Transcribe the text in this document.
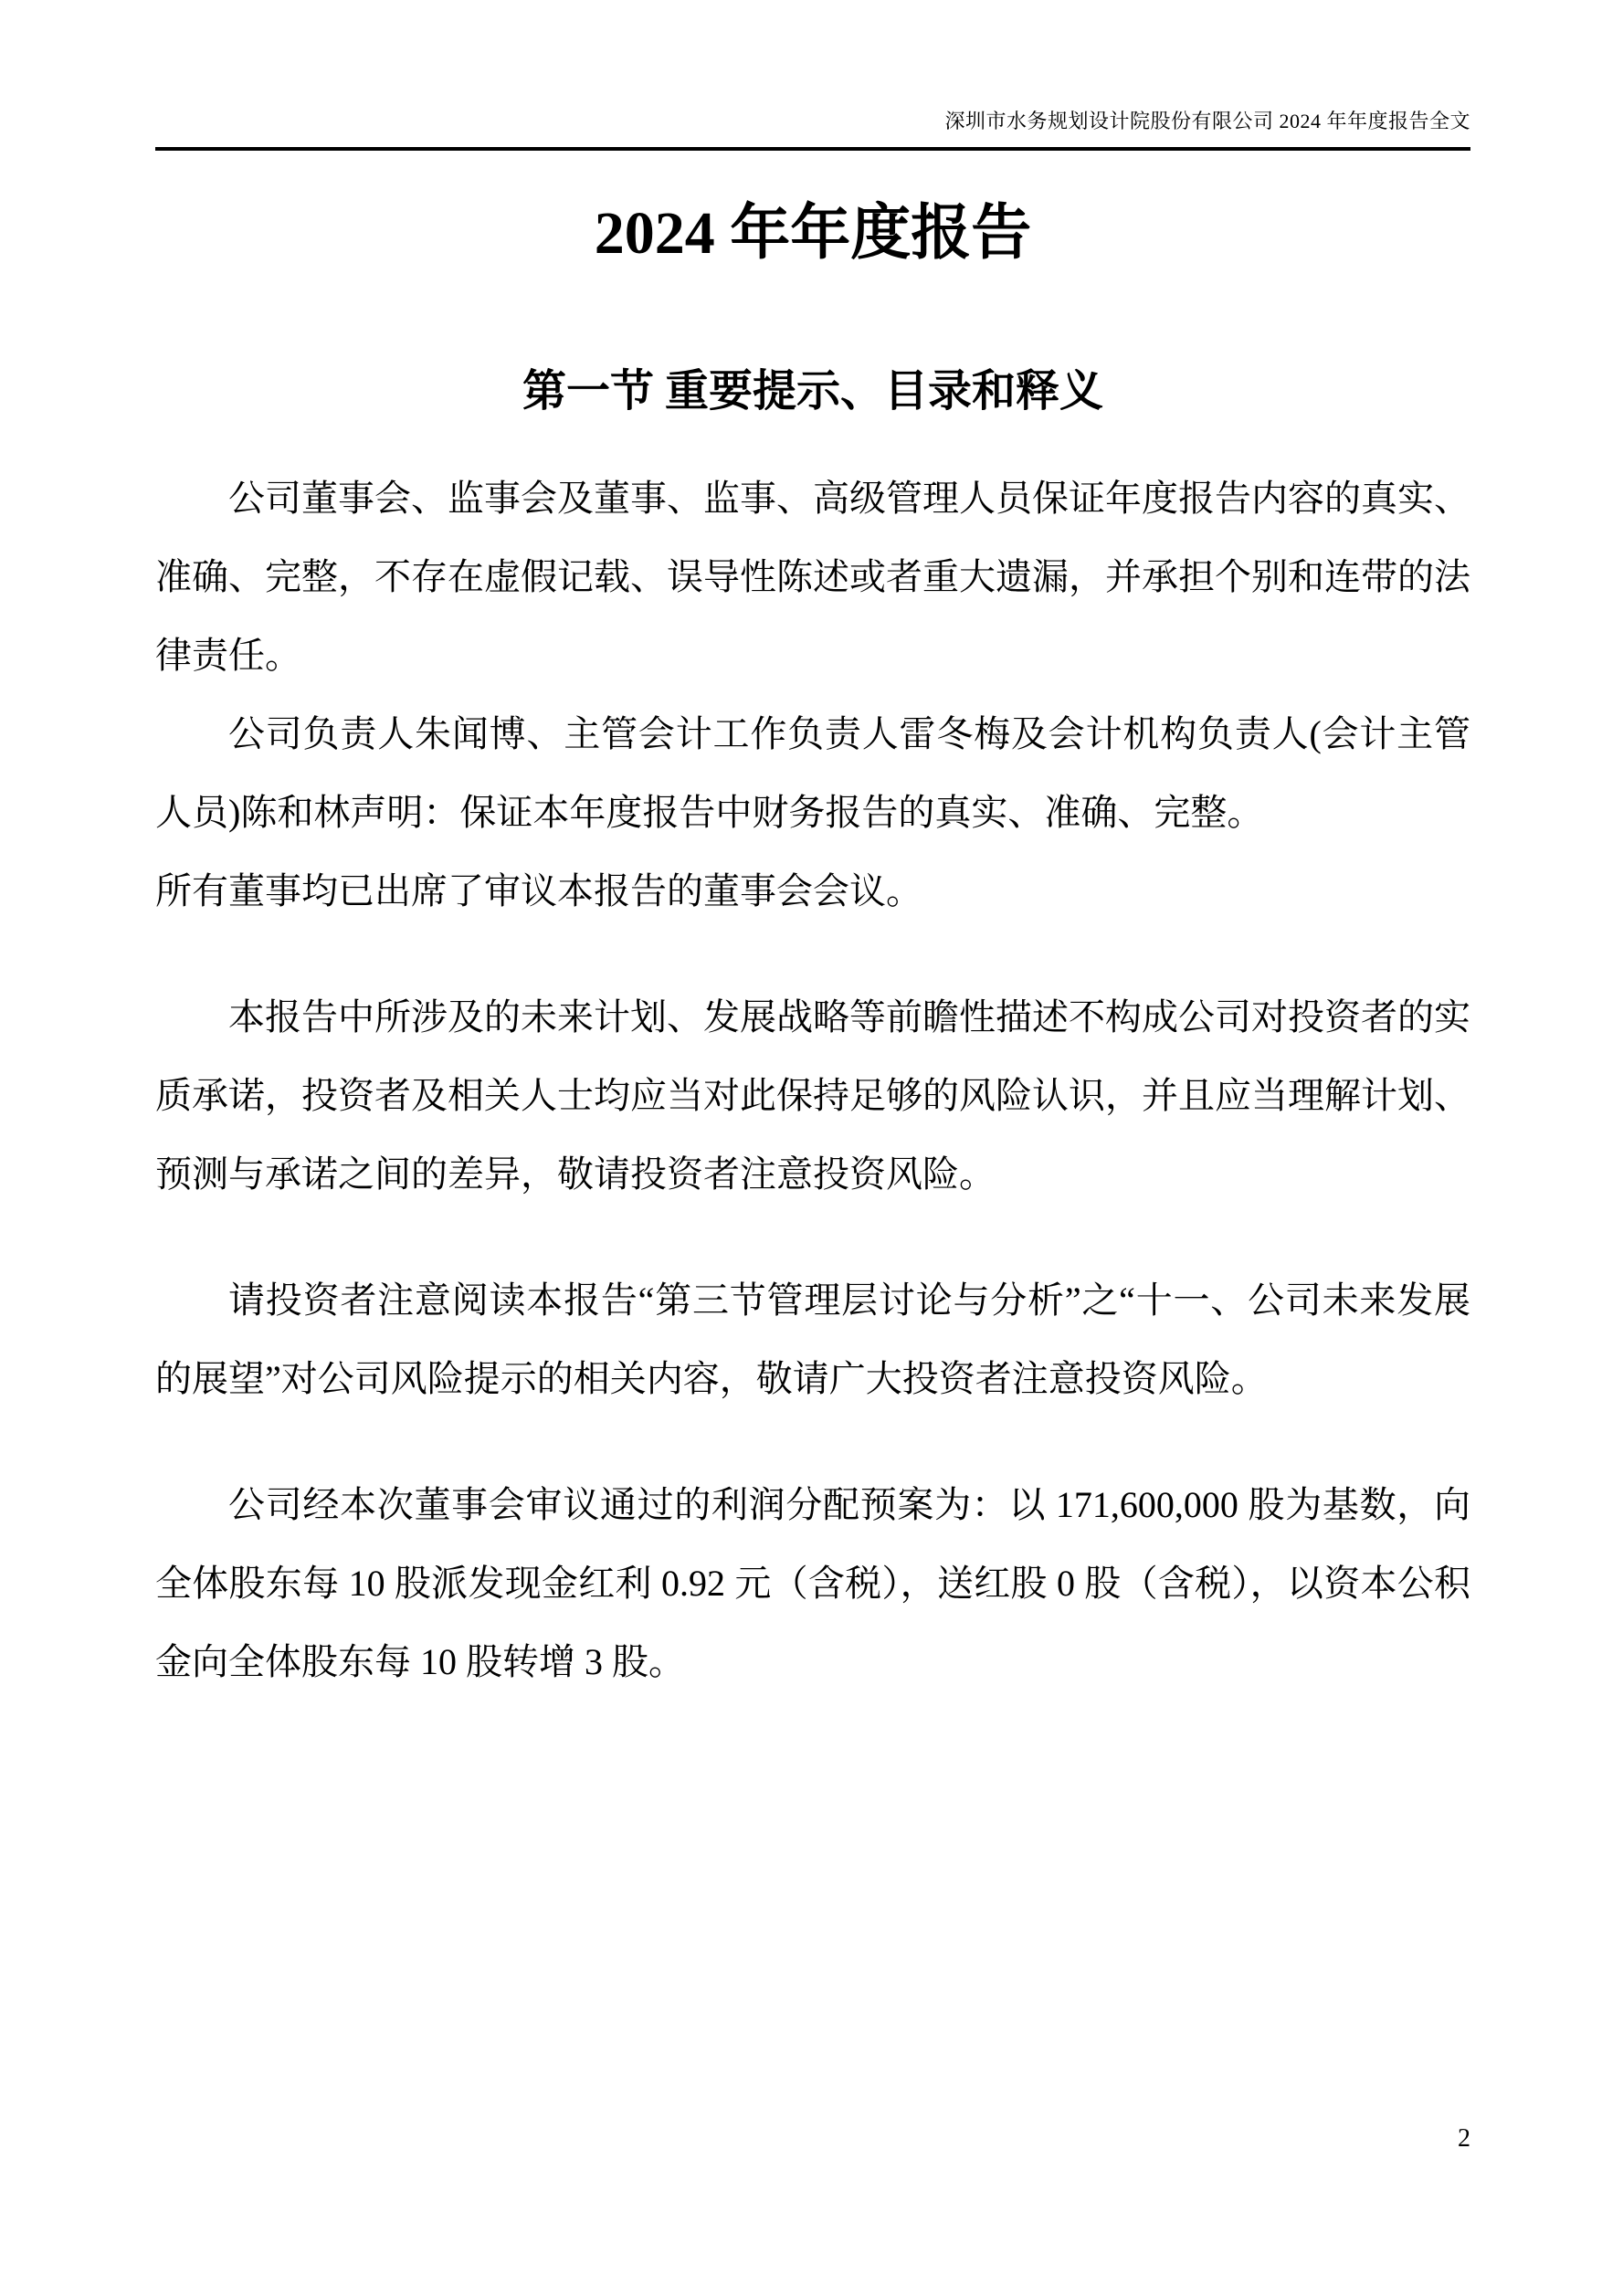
深圳市水务规划设计院股份有限公司 2024 年年度报告全文
2024 年年度报告
第一节 重要提示、目录和释义

公司董事会、监事会及董事、监事、高级管理人员保证年度报告内容的真实、准确、完整，不存在虚假记载、误导性陈述或者重大遗漏，并承担个别和连带的法律责任。

公司负责人朱闻博、主管会计工作负责人雷冬梅及会计机构负责人(会计主管人员)陈和林声明：保证本年度报告中财务报告的真实、准确、完整。

所有董事均已出席了审议本报告的董事会会议。

本报告中所涉及的未来计划、发展战略等前瞻性描述不构成公司对投资者的实质承诺，投资者及相关人士均应当对此保持足够的风险认识，并且应当理解计划、预测与承诺之间的差异，敬请投资者注意投资风险。

请投资者注意阅读本报告“第三节管理层讨论与分析”之“十一、公司未来发展的展望”对公司风险提示的相关内容，敬请广大投资者注意投资风险。

公司经本次董事会审议通过的利润分配预案为：以 171,600,000 股为基数，向全体股东每 10 股派发现金红利 0.92 元（含税），送红股 0 股（含税），以资本公积金向全体股东每 10 股转增 3 股。

2
